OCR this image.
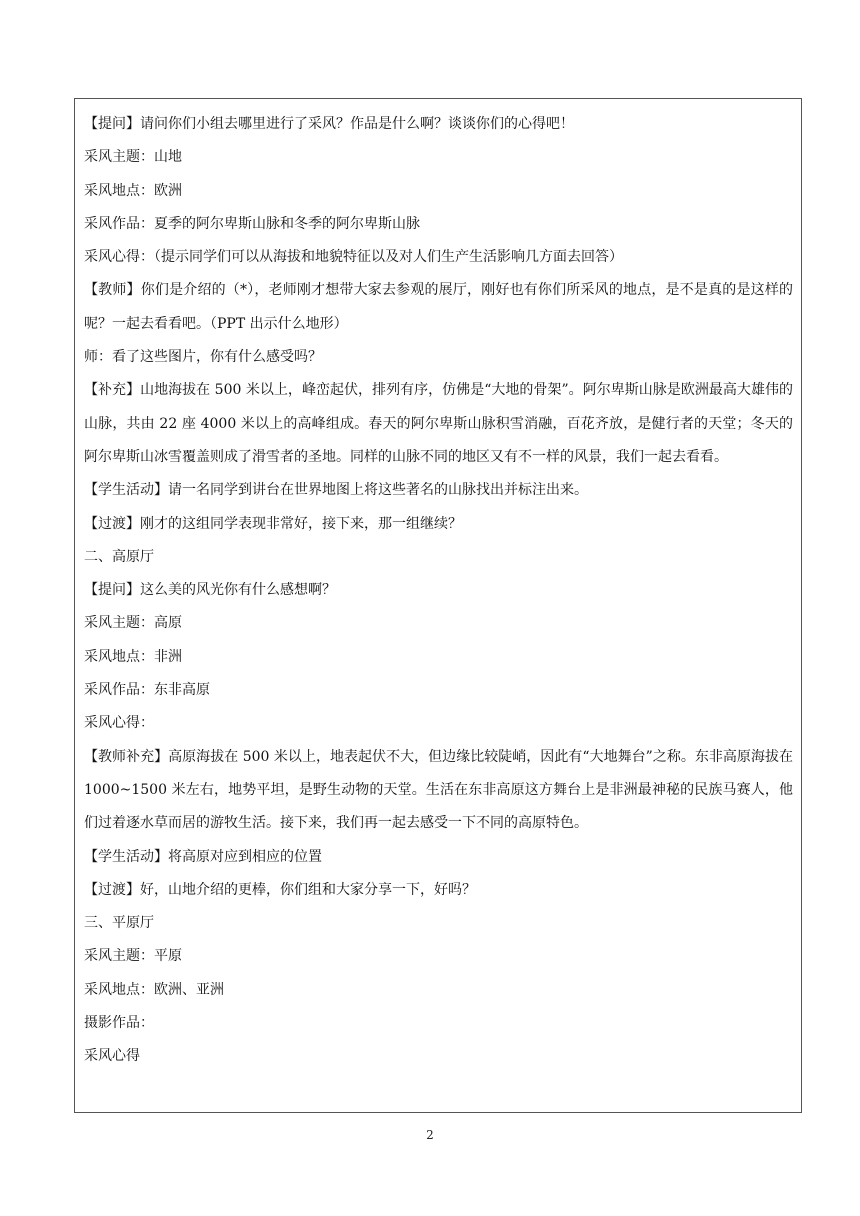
【提问】请问你们小组去哪里进行了采风？作品是什么啊？谈谈你们的心得吧！

采风主题：山地

采风地点：欧洲

采风作品：夏季的阿尔卑斯山脉和冬季的阿尔卑斯山脉

采风心得：（提示同学们可以从海拔和地貌特征以及对人们生产生活影响几方面去回答）

【教师】你们是介绍的（*），老师刚才想带大家去参观的展厅，刚好也有你们所采风的地点，是不是真的是这样的呢？一起去看看吧。（PPT 出示什么地形）

师：看了这些图片，你有什么感受吗？

【补充】山地海拔在 500 米以上，峰峦起伏，排列有序，仿佛是“大地的骨架”。阿尔卑斯山脉是欧洲最高大雄伟的山脉，共由 22 座 4000 米以上的高峰组成。春天的阿尔卑斯山脉积雪消融，百花齐放，是健行者的天堂；冬天的阿尔卑斯山冰雪覆盖则成了滑雪者的圣地。同样的山脉不同的地区又有不一样的风景，我们一起去看看。

【学生活动】请一名同学到讲台在世界地图上将这些著名的山脉找出并标注出来。

【过渡】刚才的这组同学表现非常好，接下来，那一组继续？

二、高原厅

【提问】这么美的风光你有什么感想啊？

采风主题：高原

采风地点：非洲

采风作品：东非高原

采风心得：

【教师补充】高原海拔在 500 米以上，地表起伏不大，但边缘比较陡峭，因此有“大地舞台”之称。东非高原海拔在 1000~1500 米左右，地势平坦，是野生动物的天堂。生活在东非高原这方舞台上是非洲最神秘的民族马赛人，他们过着逐水草而居的游牧生活。接下来，我们再一起去感受一下不同的高原特色。

【学生活动】将高原对应到相应的位置

【过渡】好，山地介绍的更棒，你们组和大家分享一下，好吗？

三、平原厅

采风主题：平原

采风地点：欧洲、亚洲

摄影作品：

采风心得

2
